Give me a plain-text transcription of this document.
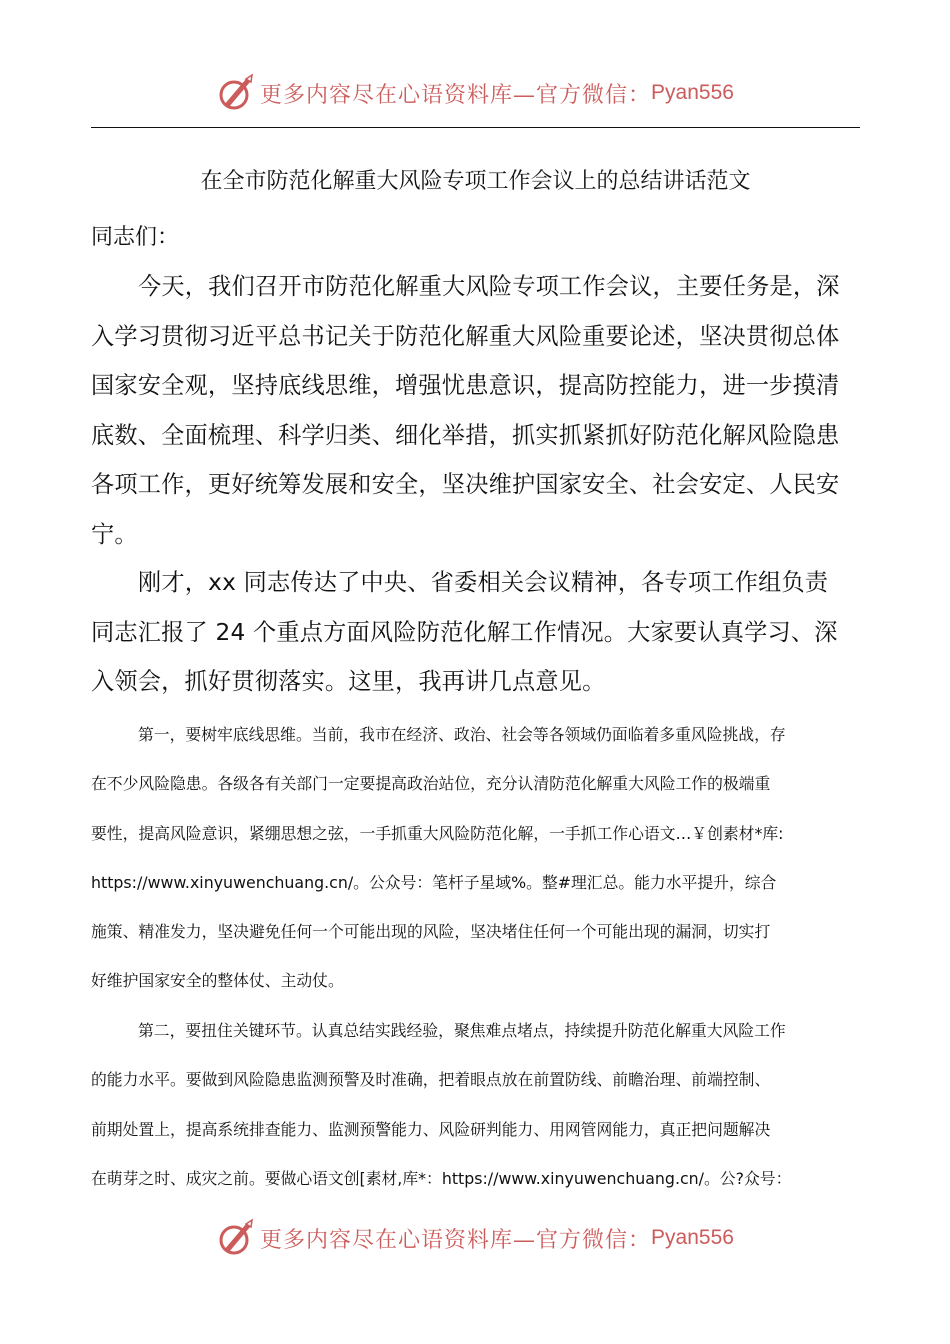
更多内容尽在心语资料库—官方微信： Pyan556
在全市防范化解重大风险专项工作会议上的总结讲话范文
同志们：
今天，我们召开市防范化解重大风险专项工作会议，主要任务是，深
入学习贯彻习近平总书记关于防范化解重大风险重要论述，坚决贯彻总体
国家安全观，坚持底线思维，增强忧患意识，提高防控能力，进一步摸清
底数、全面梳理、科学归类、细化举措，抓实抓紧抓好防范化解风险隐患
各项工作，更好统筹发展和安全，坚决维护国家安全、社会安定、人民安
宁。
刚才，xx 同志传达了中央、省委相关会议精神，各专项工作组负责
同志汇报了 24 个重点方面风险防范化解工作情况。大家要认真学习、深
入领会，抓好贯彻落实。这里，我再讲几点意见。
第一，要树牢底线思维。当前，我市在经济、政治、社会等各领域仍面临着多重风险挑战，存
在不少风险隐患。各级各有关部门一定要提高政治站位，充分认清防范化解重大风险工作的极端重
要性，提高风险意识，紧绷思想之弦，一手抓重大风险防范化解，一手抓工作心语文…￥创素材*库:
https://www.xinyuwenchuang.cn/。公众号：笔杆子星域%。整#理汇总。能力水平提升，综合
施策、精准发力，坚决避免任何一个可能出现的风险，坚决堵住任何一个可能出现的漏洞，切实打
好维护国家安全的整体仗、主动仗。
第二，要扭住关键环节。认真总结实践经验，聚焦难点堵点，持续提升防范化解重大风险工作
的能力水平。要做到风险隐患监测预警及时准确，把着眼点放在前置防线、前瞻治理、前端控制、
前期处置上，提高系统排查能力、监测预警能力、风险研判能力、用网管网能力，真正把问题解决
在萌芽之时、成灾之前。要做心语文创[素材,库*：https://www.xinyuwenchuang.cn/。公?众号：
更多内容尽在心语资料库—官方微信： Pyan556
